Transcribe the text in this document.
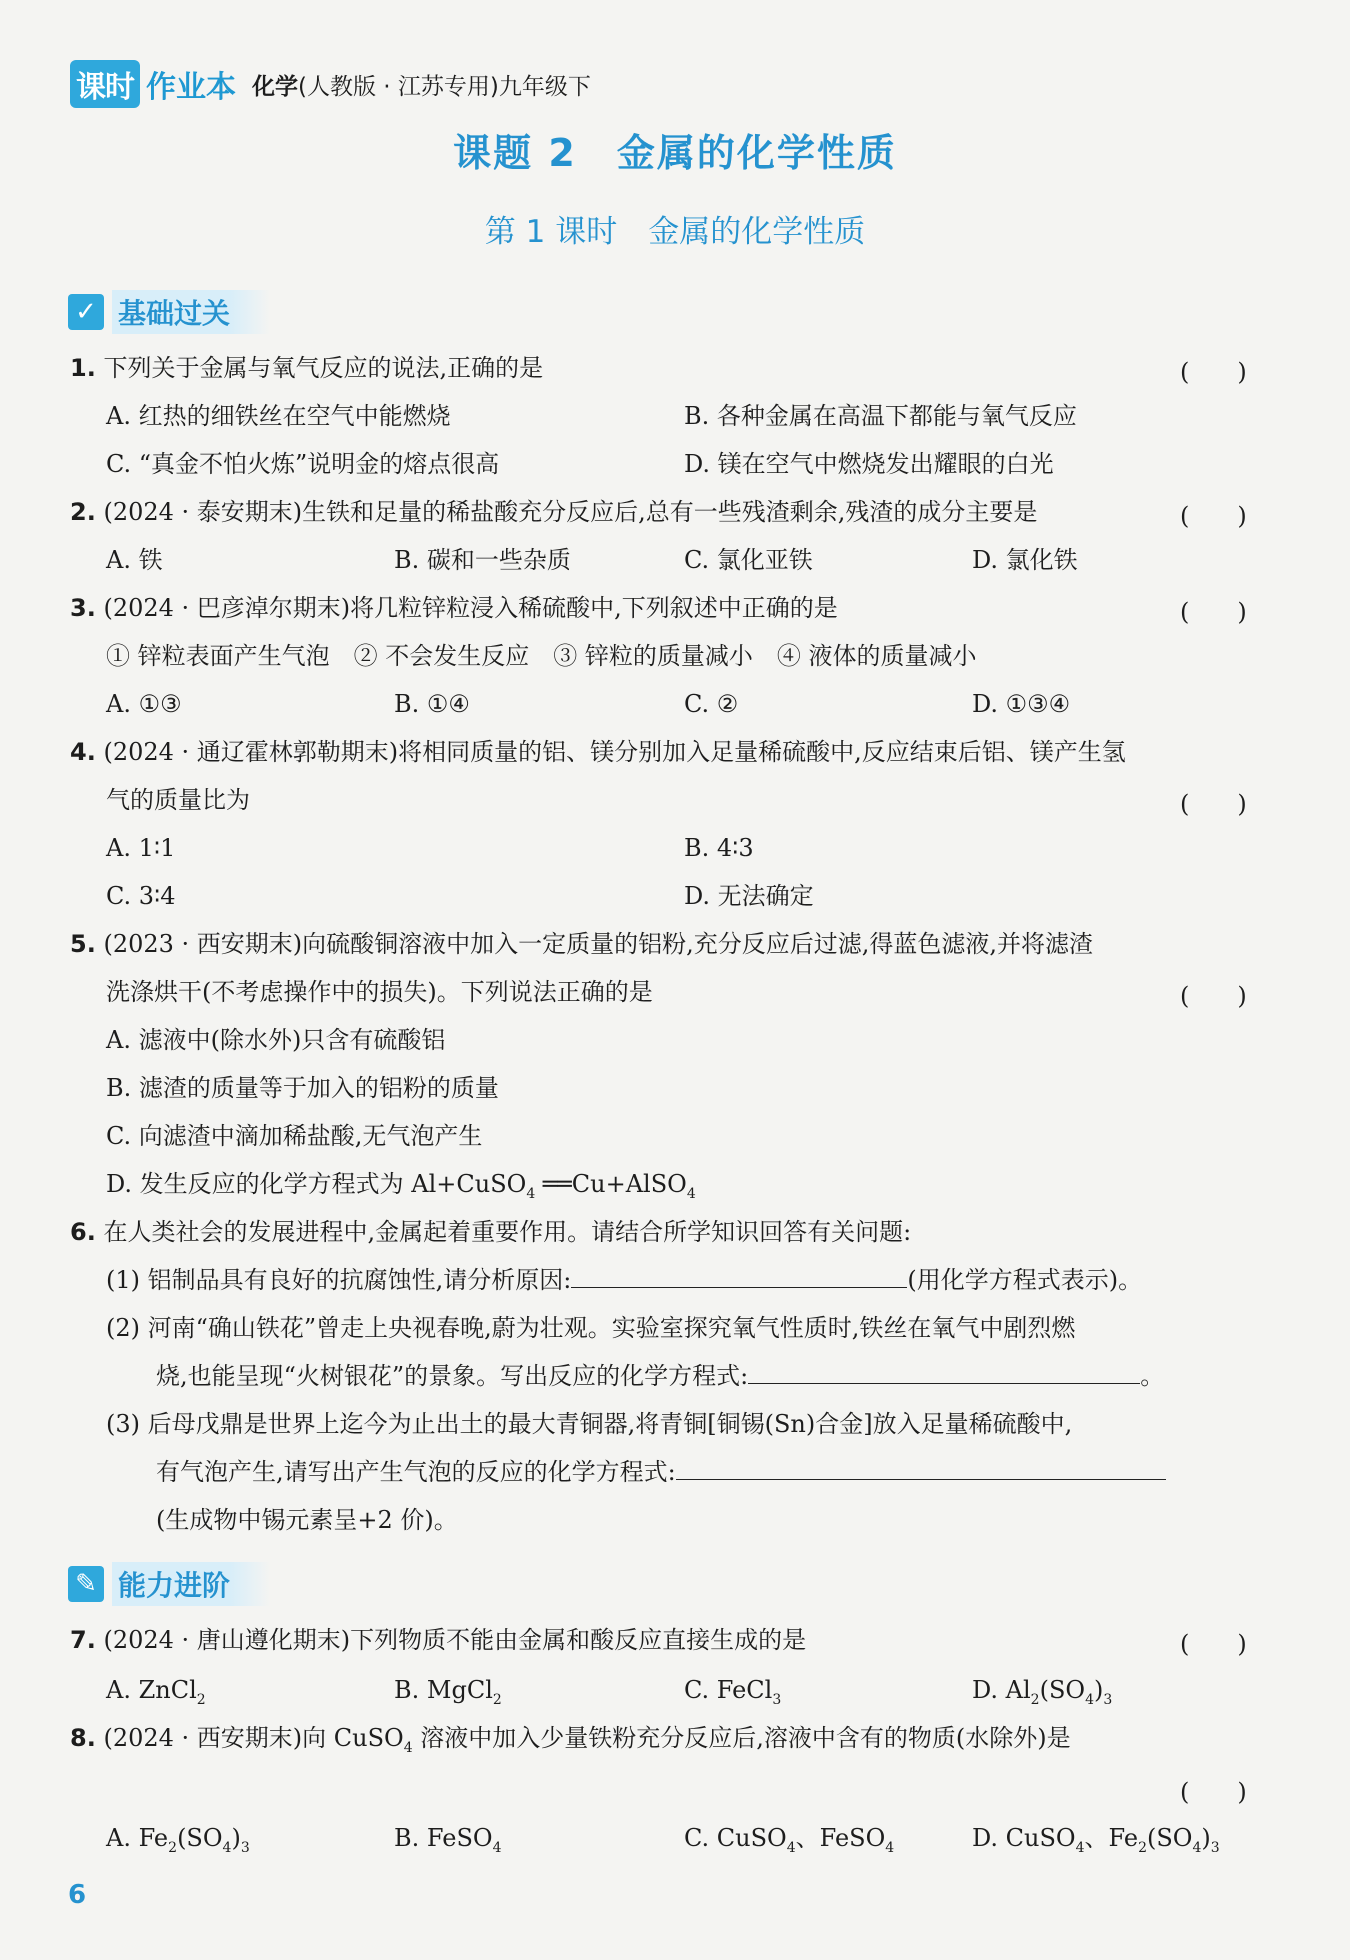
课时 作业本 化学(人教版 · 江苏专用)九年级下
课题 2　金属的化学性质
第 1 课时　金属的化学性质
✓ 基础过关
1. 下列关于金属与氧气反应的说法,正确的是	(　　)
A. 红热的细铁丝在空气中能燃烧	B. 各种金属在高温下都能与氧气反应
C. “真金不怕火炼”说明金的熔点很高	D. 镁在空气中燃烧发出耀眼的白光
2. (2024 · 泰安期末)生铁和足量的稀盐酸充分反应后,总有一些残渣剩余,残渣的成分主要是	(　　)
A. 铁	B. 碳和一些杂质	C. 氯化亚铁	D. 氯化铁
3. (2024 · 巴彦淖尔期末)将几粒锌粒浸入稀硫酸中,下列叙述中正确的是	(　　)
① 锌粒表面产生气泡　② 不会发生反应　③ 锌粒的质量减小　④ 液体的质量减小
A. ①③	B. ①④	C. ②	D. ①③④
4. (2024 · 通辽霍林郭勒期末)将相同质量的铝、镁分别加入足量稀硫酸中,反应结束后铝、镁产生氢
气的质量比为	(　　)
A. 1∶1	B. 4∶3
C. 3∶4	D. 无法确定
5. (2023 · 西安期末)向硫酸铜溶液中加入一定质量的铝粉,充分反应后过滤,得蓝色滤液,并将滤渣
洗涤烘干(不考虑操作中的损失)。下列说法正确的是	(　　)
A. 滤液中(除水外)只含有硫酸铝
B. 滤渣的质量等于加入的铝粉的质量
C. 向滤渣中滴加稀盐酸,无气泡产生
D. 发生反应的化学方程式为 Al+CuSO$_4$ ══Cu+AlSO$_4$
6. 在人类社会的发展进程中,金属起着重要作用。请结合所学知识回答有关问题:
(1) 铝制品具有良好的抗腐蚀性,请分析原因:	(用化学方程式表示)。
(2) 河南“确山铁花”曾走上央视春晚,蔚为壮观。实验室探究氧气性质时,铁丝在氧气中剧烈燃
烧,也能呈现“火树银花”的景象。写出反应的化学方程式:	。
(3) 后母戊鼎是世界上迄今为止出土的最大青铜器,将青铜[铜锡(Sn)合金]放入足量稀硫酸中,
有气泡产生,请写出产生气泡的反应的化学方程式:
(生成物中锡元素呈+2 价)。
✎ 能力进阶
7. (2024 · 唐山遵化期末)下列物质不能由金属和酸反应直接生成的是	(　　)
A. ZnCl$_2$	B. MgCl$_2$	C. FeCl$_3$	D. $Al_2(SO_4)_3$
8. (2024 · 西安期末)向 CuSO$_4$ 溶液中加入少量铁粉充分反应后,溶液中含有的物质(水除外)是
(　　)
A. $Fe_2(SO_4)_3$	B. FeSO$_4$	C. CuSO$_4$、FeSO$_4$	D. CuSO$_4$、$Fe_2(SO_4)_3$
6
